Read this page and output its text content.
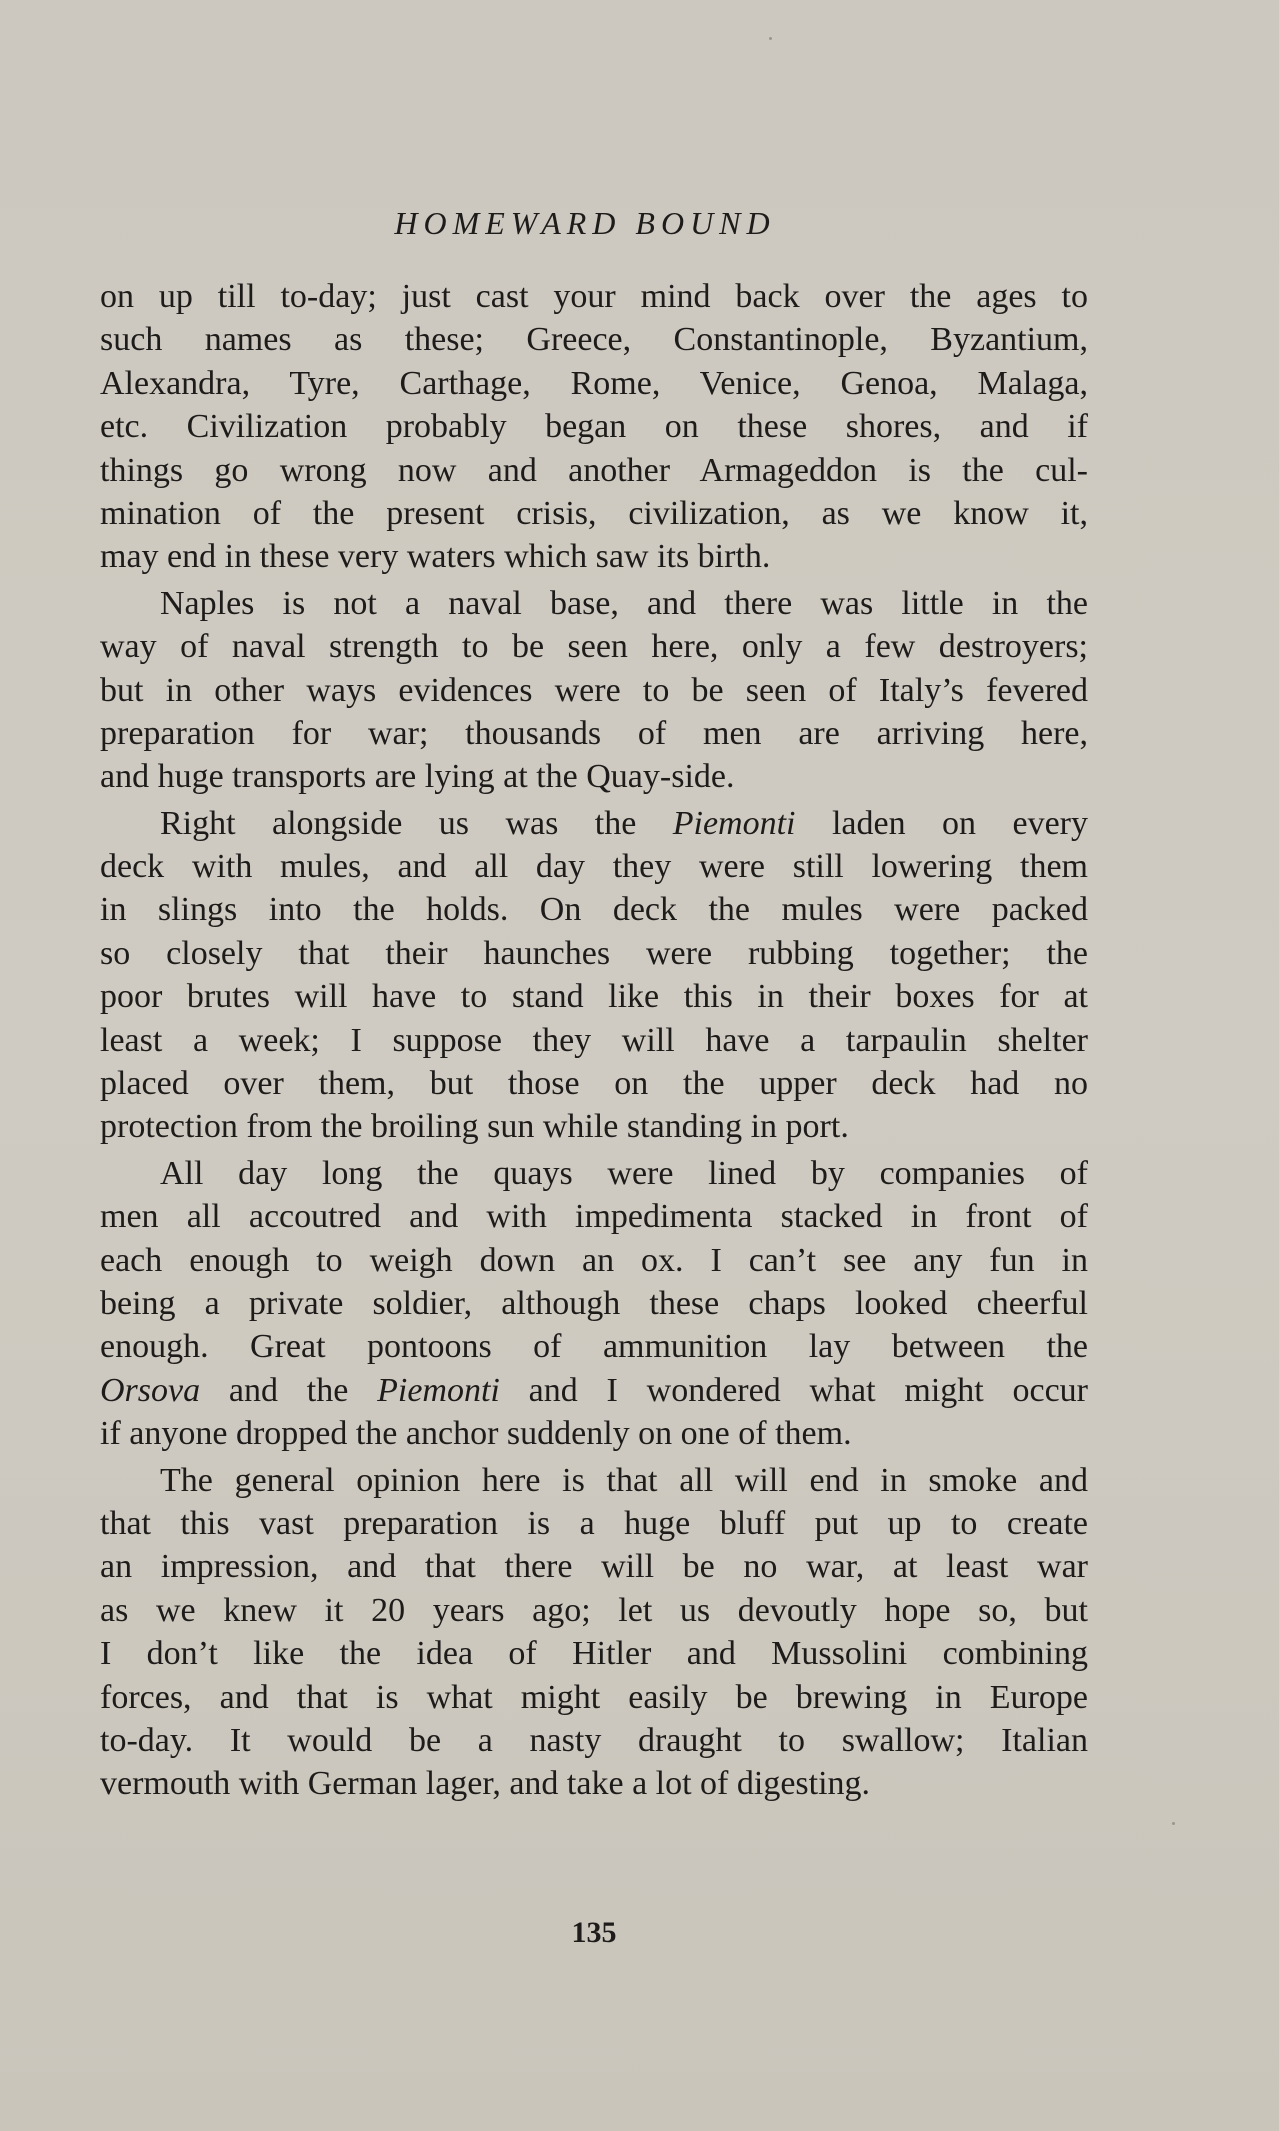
HOMEWARD BOUND
on up till to-day; just cast your mind back over the ages to
such names as these; Greece, Constantinople, Byzantium,
Alexandra, Tyre, Carthage, Rome, Venice, Genoa, Malaga,
etc. Civilization probably began on these shores, and if
things go wrong now and another Armageddon is the cul-
mination of the present crisis, civilization, as we know it,
may end in these very waters which saw its birth.
Naples is not a naval base, and there was little in the
way of naval strength to be seen here, only a few destroyers;
but in other ways evidences were to be seen of Italy’s fevered
preparation for war; thousands of men are arriving here,
and huge transports are lying at the Quay-side.
Right alongside us was the Piemonti laden on every
deck with mules, and all day they were still lowering them
in slings into the holds. On deck the mules were packed
so closely that their haunches were rubbing together; the
poor brutes will have to stand like this in their boxes for at
least a week; I suppose they will have a tarpaulin shelter
placed over them, but those on the upper deck had no
protection from the broiling sun while standing in port.
All day long the quays were lined by companies of
men all accoutred and with impedimenta stacked in front of
each enough to weigh down an ox. I can’t see any fun in
being a private soldier, although these chaps looked cheerful
enough. Great pontoons of ammunition lay between the
Orsova and the Piemonti and I wondered what might occur
if anyone dropped the anchor suddenly on one of them.
The general opinion here is that all will end in smoke and
that this vast preparation is a huge bluff put up to create
an impression, and that there will be no war, at least war
as we knew it 20 years ago; let us devoutly hope so, but
I don’t like the idea of Hitler and Mussolini combining
forces, and that is what might easily be brewing in Europe
to-day. It would be a nasty draught to swallow; Italian
vermouth with German lager, and take a lot of digesting.
135
